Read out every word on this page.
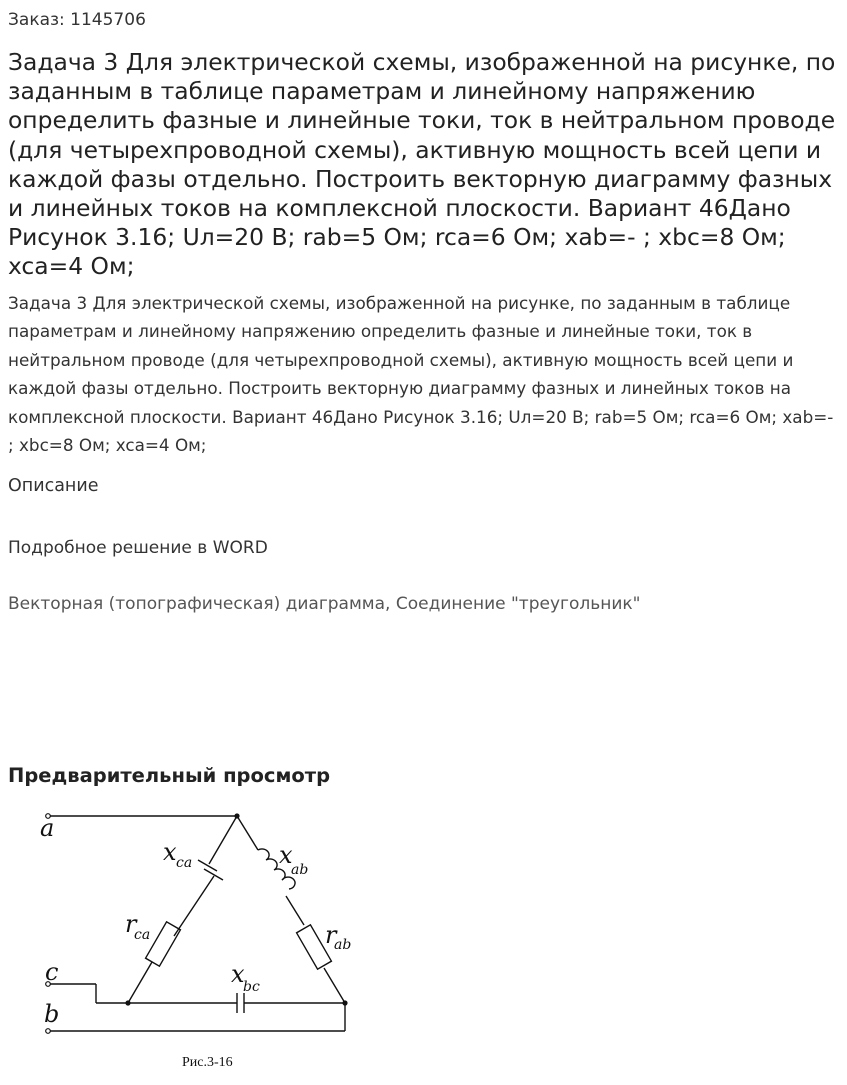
Заказ: 1145706
Задача 3 Для электрической схемы, изображенной на рисунке, по заданным в таблице параметрам и линейному напряжению определить фазные и линейные токи, ток в нейтральном проводе (для четырехпроводной схемы), активную мощность всей цепи и каждой фазы отдельно. Построить векторную диаграмму фазных и линейных токов на комплексной плоскости. Вариант 46Дано Рисунок 3.16; Uл=20 В; rab=5 Ом; rca=6 Ом; xab=- ; xbc=8 Ом; xca=4 Ом;

Задача 3 Для электрической схемы, изображенной на рисунке, по заданным в таблице параметрам и линейному напряжению определить фазные и линейные токи, ток в нейтральном проводе (для четырехпроводной схемы), активную мощность всей цепи и каждой фазы отдельно. Построить векторную диаграмму фазных и линейных токов на комплексной плоскости. Вариант 46Дано Рисунок 3.16; Uл=20 В; rab=5 Ом; rca=6 Ом; xab=- ; xbc=8 Ом; xca=4 Ом;

Описание
Подробное решение в WORD
Векторная (топографическая) диаграмма, Соединение "треугольник"
Предварительный просмотр
a
c
b
x ca	x
ab
r
ca	r
ab
x
bc
Рис.3-16
